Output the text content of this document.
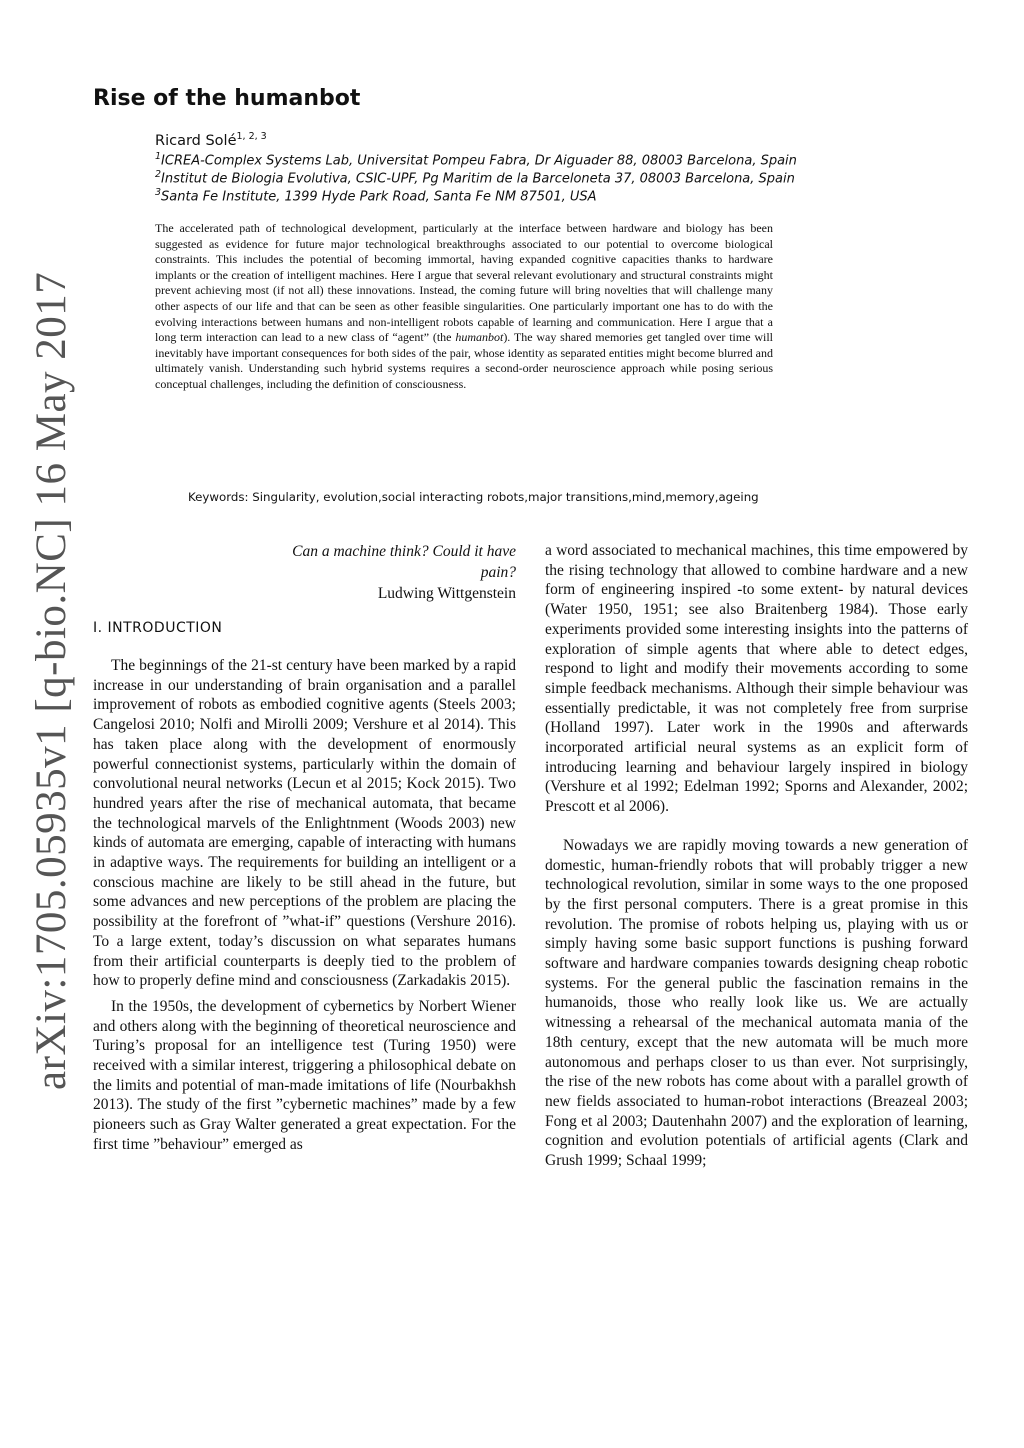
arXiv:1705.05935v1 [q-bio.NC] 16 May 2017
Rise of the humanbot
Ricard Solé$^{1, 2, 3}$
$^1$ICREA-Complex Systems Lab, Universitat Pompeu Fabra, Dr Aiguader 88, 08003 Barcelona, Spain
$^2$Institut de Biologia Evolutiva, CSIC-UPF, Pg Maritim de la Barceloneta 37, 08003 Barcelona, Spain
$^3$Santa Fe Institute, 1399 Hyde Park Road, Santa Fe NM 87501, USA

The accelerated path of technological development, particularly at the interface between hardware and biology has been suggested as evidence for future major technological breakthroughs associated to our potential to overcome biological constraints. This includes the potential of becoming immortal, having expanded cognitive capacities thanks to hardware implants or the creation of intelligent machines. Here I argue that several relevant evolutionary and structural constraints might prevent achieving most (if not all) these innovations. Instead, the coming future will bring novelties that will challenge many other aspects of our life and that can be seen as other feasible singularities. One particularly important one has to do with the evolving interactions between humans and non-intelligent robots capable of learning and communication. Here I argue that a long term interaction can lead to a new class of “agent” (the humanbot). The way shared memories get tangled over time will inevitably have important consequences for both sides of the pair, whose identity as separated entities might become blurred and ultimately vanish. Understanding such hybrid systems requires a second-order neuroscience approach while posing serious conceptual challenges, including the definition of consciousness.

Keywords: Singularity, evolution,social interacting robots,major transitions,mind,memory,ageing
Can a machine think? Could it have pain?
Ludwing Wittgenstein
I. INTRODUCTION

The beginnings of the 21-st century have been marked by a rapid increase in our understanding of brain organisation and a parallel improvement of robots as embodied cognitive agents (Steels 2003; Cangelosi 2010; Nolfi and Mirolli 2009; Vershure et al 2014). This has taken place along with the development of enormously powerful connectionist systems, particularly within the domain of convolutional neural networks (Lecun et al 2015; Kock 2015). Two hundred years after the rise of mechanical automata, that became the technological marvels of the Enlightnment (Woods 2003) new kinds of automata are emerging, capable of interacting with humans in adaptive ways. The requirements for building an intelligent or a conscious machine are likely to be still ahead in the future, but some advances and new perceptions of the problem are placing the possibility at the forefront of ”what-if” questions (Vershure 2016). To a large extent, today’s discussion on what separates humans from their artificial counterparts is deeply tied to the problem of how to properly define mind and consciousness (Zarkadakis 2015).

In the 1950s, the development of cybernetics by Norbert Wiener and others along with the beginning of theoretical neuroscience and Turing’s proposal for an intelligence test (Turing 1950) were received with a similar interest, triggering a philosophical debate on the limits and potential of man-made imitations of life (Nourbakhsh 2013). The study of the first ”cybernetic machines” made by a few pioneers such as Gray Walter generated a great expectation. For the first time ”behaviour” emerged as

a word associated to mechanical machines, this time empowered by the rising technology that allowed to combine hardware and a new form of engineering inspired -to some extent- by natural devices (Water 1950, 1951; see also Braitenberg 1984). Those early experiments provided some interesting insights into the patterns of exploration of simple agents that where able to detect edges, respond to light and modify their movements according to some simple feedback mechanisms. Although their simple behaviour was essentially predictable, it was not completely free from surprise (Holland 1997). Later work in the 1990s and afterwards incorporated artificial neural systems as an explicit form of introducing learning and behaviour largely inspired in biology (Vershure et al 1992; Edelman 1992; Sporns and Alexander, 2002; Prescott et al 2006).

Nowadays we are rapidly moving towards a new generation of domestic, human-friendly robots that will probably trigger a new technological revolution, similar in some ways to the one proposed by the first personal computers. There is a great promise in this revolution. The promise of robots helping us, playing with us or simply having some basic support functions is pushing forward software and hardware companies towards designing cheap robotic systems. For the general public the fascination remains in the humanoids, those who really look like us. We are actually witnessing a rehearsal of the mechanical automata mania of the 18th century, except that the new automata will be much more autonomous and perhaps closer to us than ever. Not surprisingly, the rise of the new robots has come about with a parallel growth of new fields associated to human-robot interactions (Breazeal 2003; Fong et al 2003; Dautenhahn 2007) and the exploration of learning, cognition and evolution potentials of artificial agents (Clark and Grush 1999; Schaal 1999;
